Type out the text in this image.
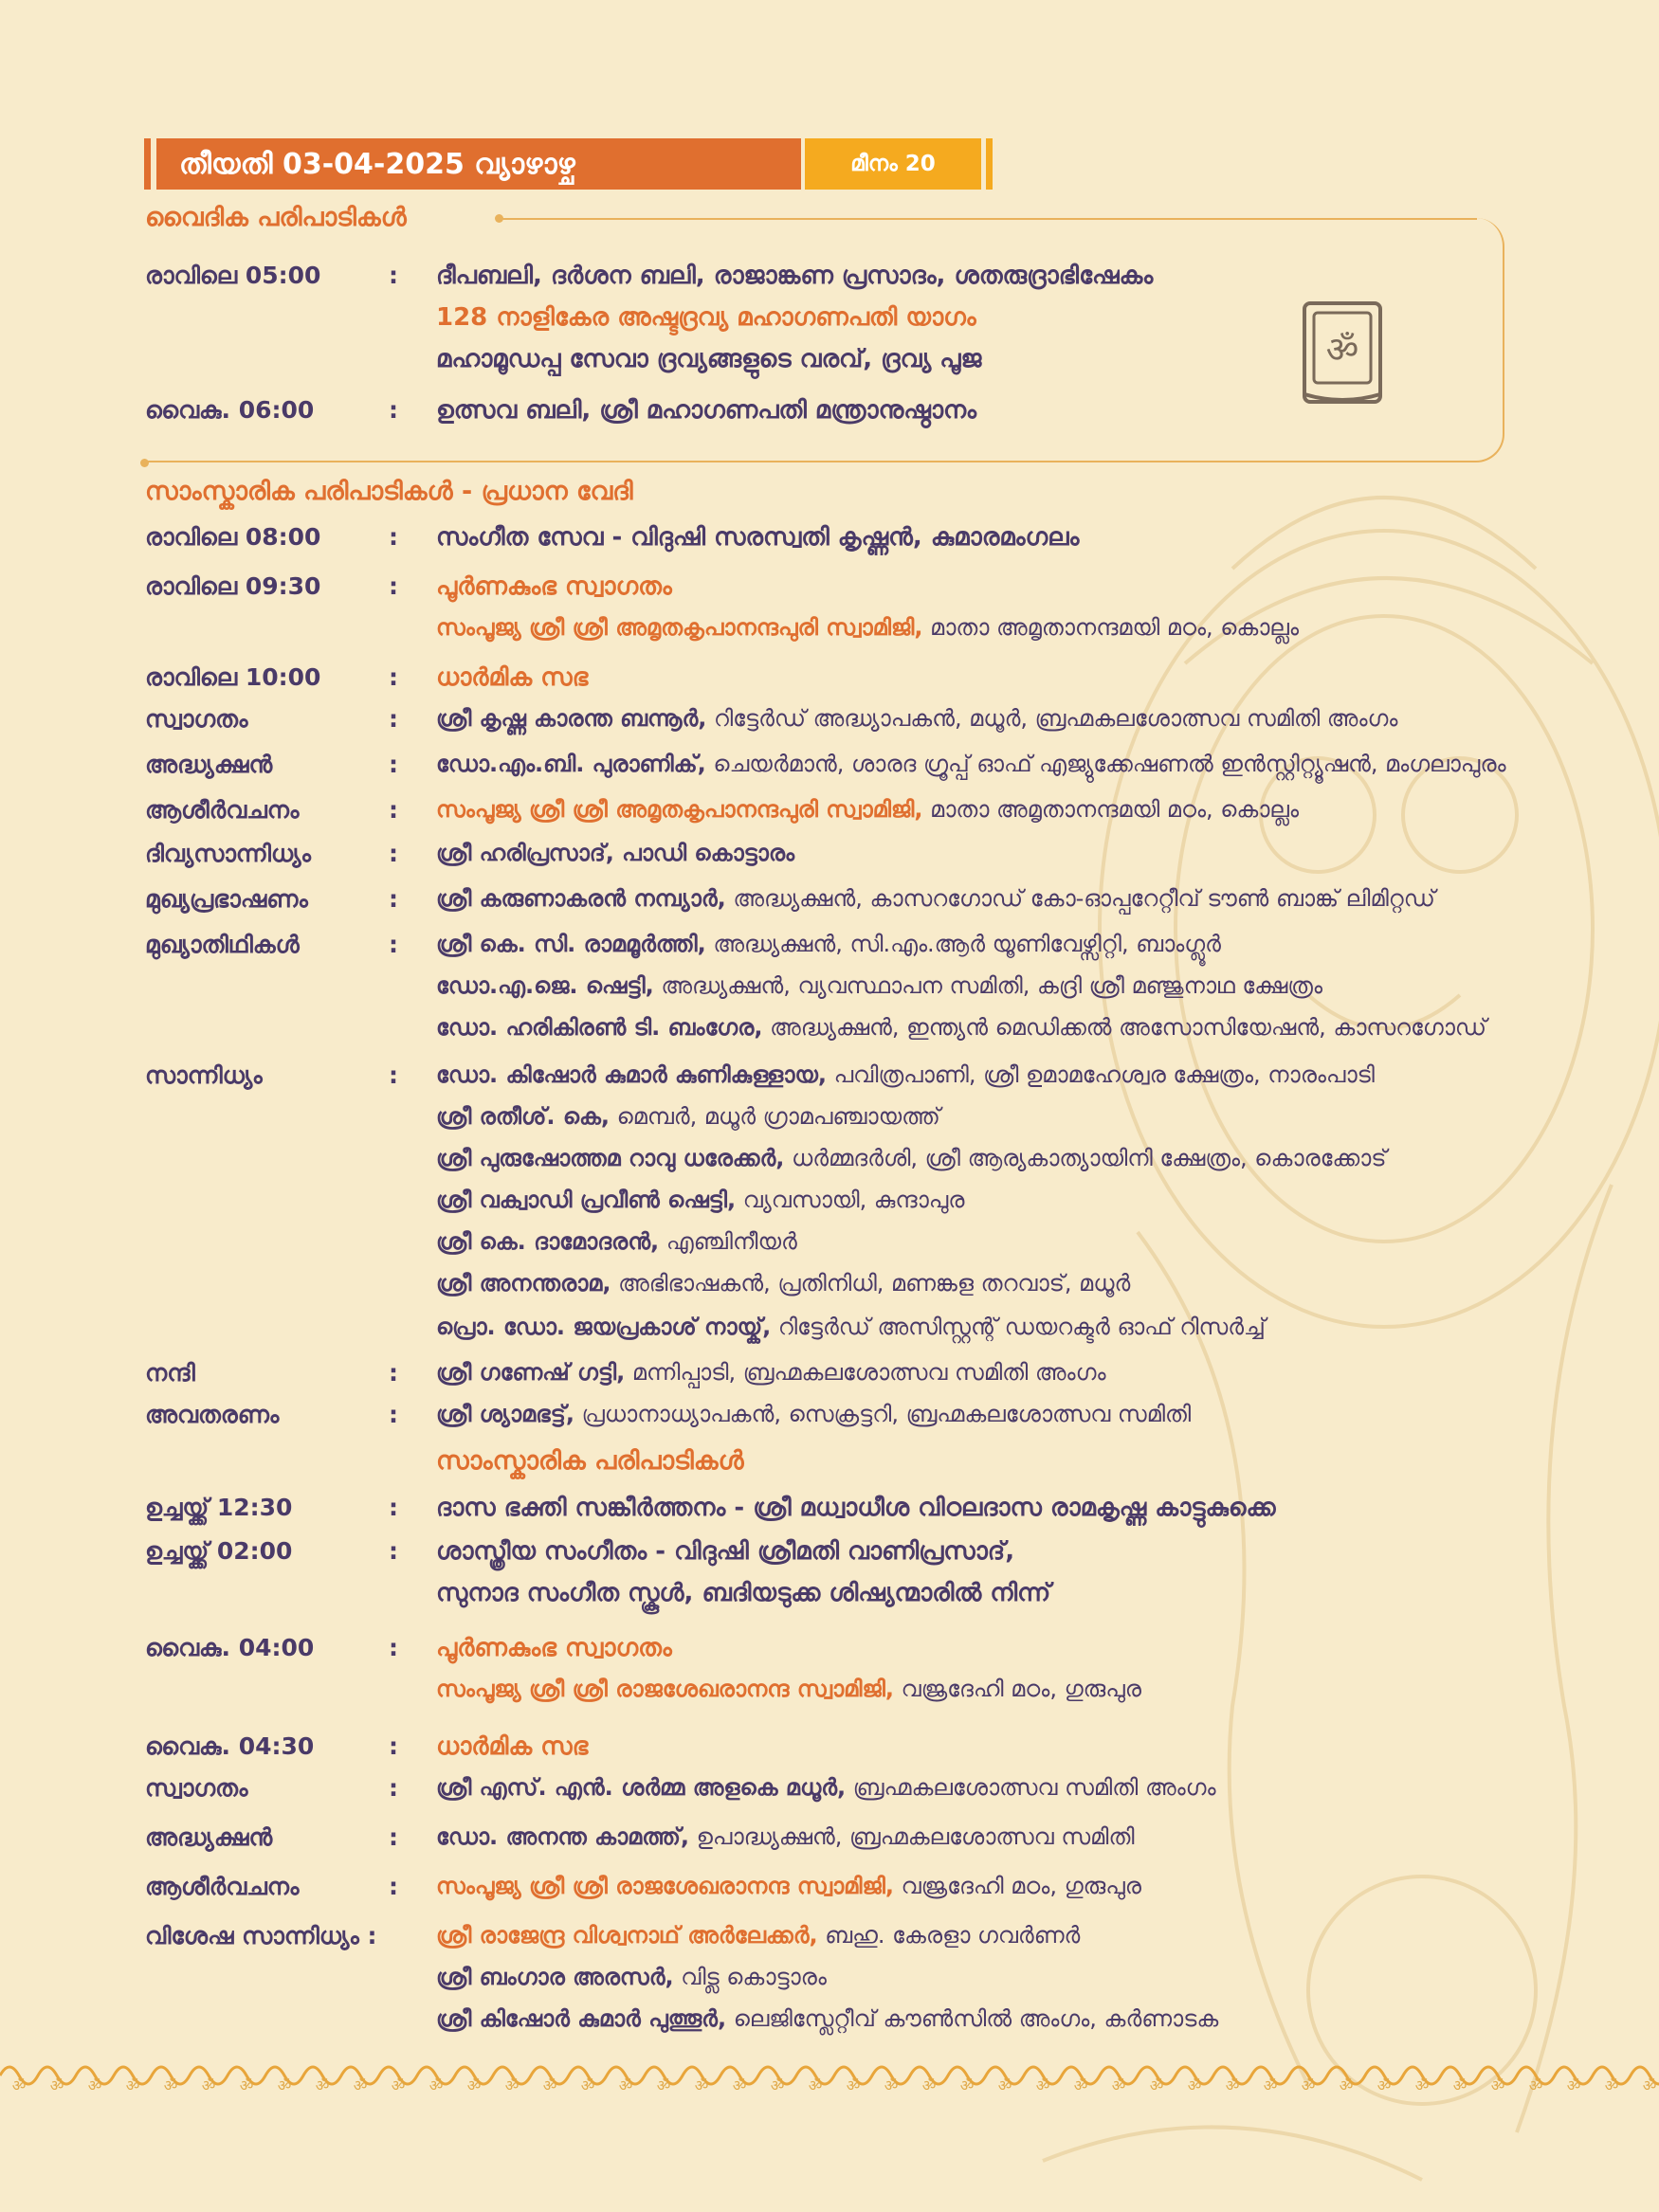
തീയതി 03-04-2025 വ്യാഴാഴ്ച	മീനം 20
വൈദിക പരിപാടികൾ
രാവിലെ 05:00	: ദീപബലി, ദർശന ബലി, രാജാങ്കണ പ്രസാദം, ശതരുദ്രാഭിഷേകം
128 നാളികേര അഷ്ടദ്രവ്യ മഹാഗണപതി യാഗം
മഹാമൂഡപ്പ സേവാ ദ്രവ്യങ്ങളുടെ വരവ്, ദ്രവ്യ പൂജ
വൈകു. 06:00	: ഉത്സവ ബലി, ശ്രീ മഹാഗണപതി മന്ത്രാനുഷ്ഠാനം
ॐ
സാംസ്കാരിക പരിപാടികൾ - പ്രധാന വേദി
രാവിലെ 08:00	: സംഗീത സേവ - വിദുഷി സരസ്വതി കൃഷ്ണൻ, കുമാരമംഗലം
രാവിലെ 09:30	: പൂർണകുംഭ സ്വാഗതം
സംപൂജ്യ ശ്രീ ശ്രീ അമൃതകൃപാനന്ദപുരി സ്വാമിജി, മാതാ അമൃതാനന്ദമയി മഠം, കൊല്ലം
രാവിലെ 10:00	: ധാർമിക സഭ
സ്വാഗതം	: ശ്രീ കൃഷ്ണ കാരന്ത ബന്നൂർ, റിട്ടേർഡ് അദ്ധ്യാപകൻ, മധൂർ, ബ്രഹ്മകലശോത്സവ സമിതി അംഗം
അദ്ധ്യക്ഷൻ	: ഡോ.എം.ബി. പുരാണിക്, ചെയർമാൻ, ശാരദ ഗ്രൂപ്പ് ഓഫ് എജ്യുക്കേഷണൽ ഇൻസ്റ്റിറ്റ്യൂഷൻ, മംഗലാപുരം
ആശീർവചനം	: സംപൂജ്യ ശ്രീ ശ്രീ അമൃതകൃപാനന്ദപുരി സ്വാമിജി, മാതാ അമൃതാനന്ദമയി മഠം, കൊല്ലം
ദിവ്യസാന്നിധ്യം	: ശ്രീ ഹരിപ്രസാദ്, പാഡി കൊട്ടാരം
മുഖ്യപ്രഭാഷണം	: ശ്രീ കരുണാകരൻ നമ്പ്യാർ, അദ്ധ്യക്ഷൻ, കാസറഗോഡ് കോ-ഓപ്പറേറ്റീവ് ടൗൺ ബാങ്ക് ലിമിറ്റഡ്
മുഖ്യാതിഥികൾ	: ശ്രീ കെ. സി. രാമമൂർത്തി, അദ്ധ്യക്ഷൻ, സി.എം.ആർ യൂണിവേഴ്സിറ്റി, ബാംഗ്ലൂർ
ഡോ.എ.ജെ. ഷെട്ടി, അദ്ധ്യക്ഷൻ, വ്യവസ്ഥാപന സമിതി, കദ്രി ശ്രീ മഞ്ജുനാഥ ക്ഷേത്രം
ഡോ. ഹരികിരൺ ടി. ബംഗേര, അദ്ധ്യക്ഷൻ, ഇന്ത്യൻ മെഡിക്കൽ അസോസിയേഷൻ, കാസറഗോഡ്
സാന്നിധ്യം	: ഡോ. കിഷോർ കുമാർ കുണികുള്ളായ, പവിത്രപാണി, ശ്രീ ഉമാമഹേശ്വര ക്ഷേത്രം, നാരംപാടി
ശ്രീ രതീശ്. കെ, മെമ്പർ, മധൂർ ഗ്രാമപഞ്ചായത്ത്
ശ്രീ പുരുഷോത്തമ റാവു ധരേക്കർ, ധർമ്മദർശി, ശ്രീ ആര്യകാത്യായിനി ക്ഷേത്രം, കൊരക്കോട്
ശ്രീ വക്വാഡി പ്രവീൺ ഷെട്ടി, വ്യവസായി, കുന്ദാപുര
ശ്രീ കെ. ദാമോദരൻ, എഞ്ചിനീയർ
ശ്രീ അനന്തരാമ, അഭിഭാഷകൻ, പ്രതിനിധി, മണങ്കള തറവാട്, മധൂർ
പ്രൊ. ഡോ. ജയപ്രകാശ് നായ്ക്, റിട്ടേർഡ് അസിസ്റ്റന്റ് ഡയറക്ടർ ഓഫ് റിസർച്ച്
നന്ദി	: ശ്രീ ഗണേഷ് ഗട്ടി, മന്നിപ്പാടി, ബ്രഹ്മകലശോത്സവ സമിതി അംഗം
അവതരണം	: ശ്രീ ശ്യാമഭട്ട്, പ്രധാനാധ്യാപകൻ, സെക്രട്ടറി, ബ്രഹ്മകലശോത്സവ സമിതി
സാംസ്കാരിക പരിപാടികൾ
ഉച്ചയ്ക്ക് 12:30	: ദാസ ഭക്തി സങ്കീർത്തനം - ശ്രീ മധ്വാധീശ വിഠലദാസ രാമകൃഷ്ണ കാട്ടുകുക്കെ
ഉച്ചയ്ക്ക് 02:00	: ശാസ്ത്രീയ സംഗീതം - വിദുഷി ശ്രീമതി വാണിപ്രസാദ്,
സുനാദ സംഗീത സ്കൂൾ, ബദിയടുക്ക ശിഷ്യന്മാരിൽ നിന്ന്
വൈകു. 04:00	: പൂർണകുംഭ സ്വാഗതം
സംപൂജ്യ ശ്രീ ശ്രീ രാജശേഖരാനന്ദ സ്വാമിജി, വജ്രദേഹി മഠം, ഗുരുപുര
വൈകു. 04:30	: ധാർമിക സഭ
സ്വാഗതം	: ശ്രീ എസ്. എൻ. ശർമ്മ അളകെ മധൂർ, ബ്രഹ്മകലശോത്സവ സമിതി അംഗം
അദ്ധ്യക്ഷൻ	: ഡോ. അനന്ത കാമത്ത്, ഉപാദ്ധ്യക്ഷൻ, ബ്രഹ്മകലശോത്സവ സമിതി
ആശീർവചനം	: സംപൂജ്യ ശ്രീ ശ്രീ രാജശേഖരാനന്ദ സ്വാമിജി, വജ്രദേഹി മഠം, ഗുരുപുര
വിശേഷ സാന്നിധ്യം :	ശ്രീ രാജേന്ദ്ര വിശ്വനാഥ് അർലേക്കർ, ബഹു. കേരളാ ഗവർണർ
ശ്രീ ബംഗാര അരസർ, വിട്ല കൊട്ടാരം
ശ്രീ കിഷോർ കുമാർ പുത്തൂർ, ലെജിസ്ലേറ്റീവ് കൗൺസിൽ അംഗം, കർണാടക
ॐ ॐ ॐ ॐ ॐ ॐ ॐ ॐ ॐ ॐ ॐ ॐ ॐ ॐ ॐ ॐ ॐ ॐ ॐ ॐ ॐ ॐ ॐ ॐ ॐ ॐ ॐ ॐ ॐ ॐ ॐ ॐ ॐ ॐ ॐ ॐ ॐ ॐ ॐ ॐ ॐ ॐ ॐ ॐ
